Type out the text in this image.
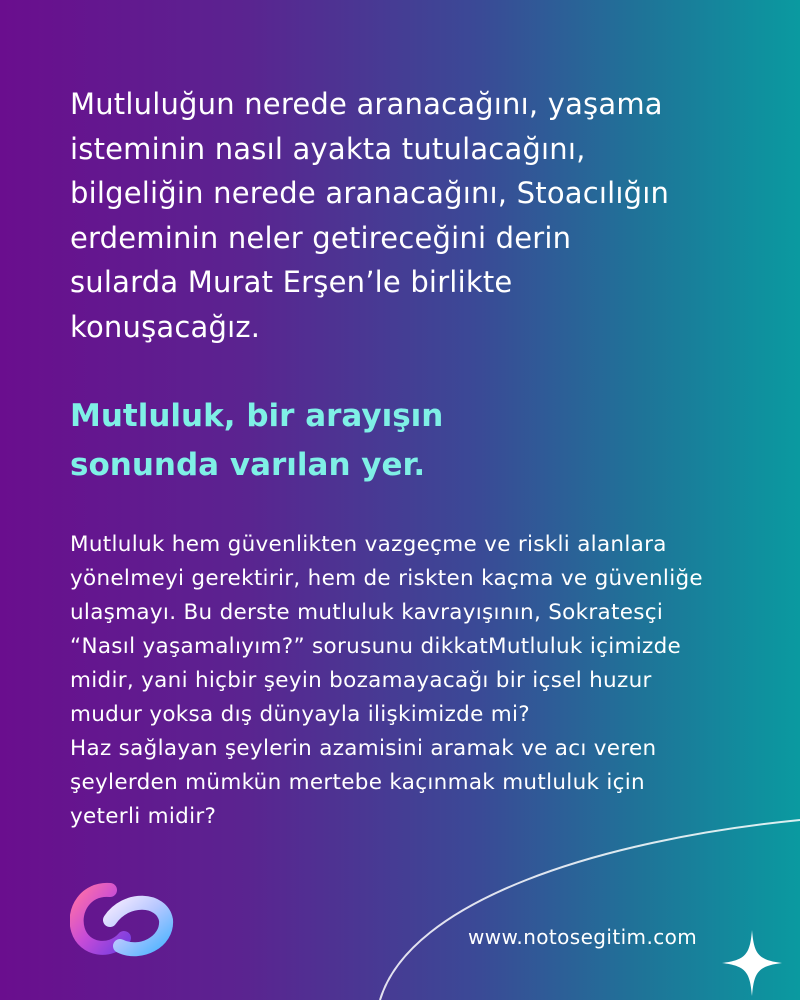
Mutluluğun nerede aranacağını, yaşama
isteminin nasıl ayakta tutulacağını,
bilgeliğin nerede aranacağını, Stoacılığın
erdeminin neler getireceğini derin
sularda Murat Erşen’le birlikte
konuşacağız.

Mutluluk, bir arayışın
sonunda varılan yer.

Mutluluk hem güvenlikten vazgeçme ve riskli alanlara
yönelmeyi gerektirir, hem de riskten kaçma ve güvenliğe
ulaşmayı. Bu derste mutluluk kavrayışının, Sokratesçi
“Nasıl yaşamalıyım?” sorusunu dikkatMutluluk içimizde
midir, yani hiçbir şeyin bozamayacağı bir içsel huzur
mudur yoksa dış dünyayla ilişkimizde mi?
Haz sağlayan şeylerin azamisini aramak ve acı veren
şeylerden mümkün mertebe kaçınmak mutluluk için
yeterli midir?

www.notosegitim.com
